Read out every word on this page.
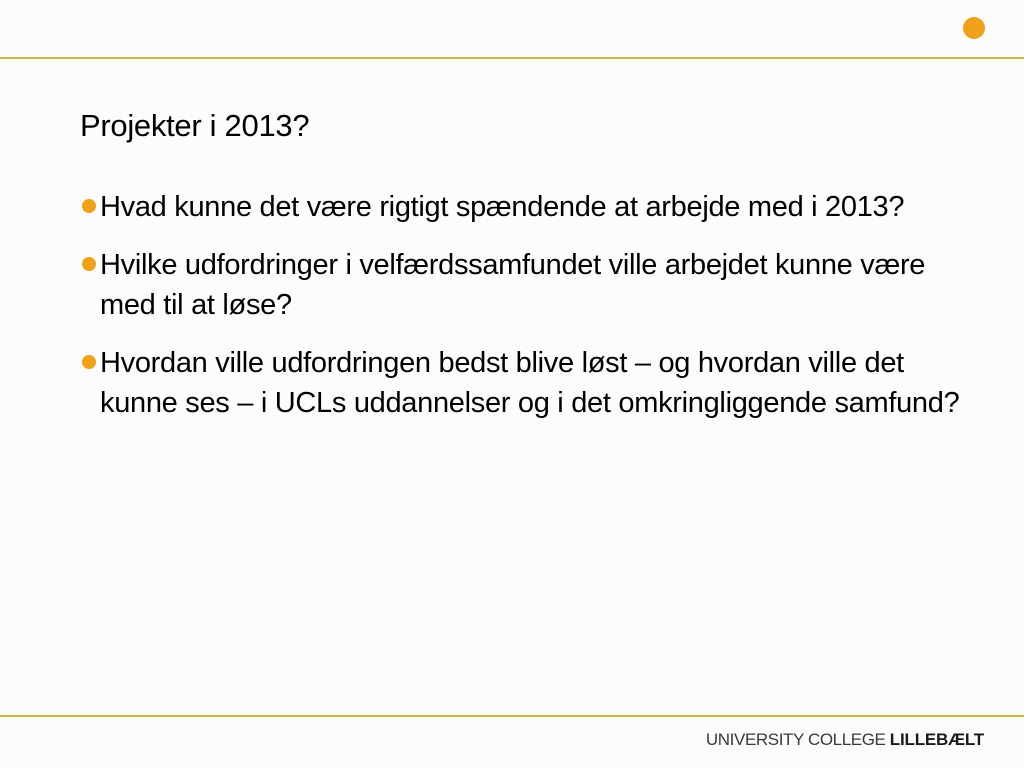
Projekter i 2013?
Hvad kunne det være rigtigt spændende at arbejde med i 2013?
Hvilke udfordringer i velfærdssamfundet ville arbejdet kunne være med til at løse?
Hvordan ville udfordringen bedst blive løst – og hvordan ville det kunne ses – i UCLs uddannelser og i det omkringliggende samfund?
UNIVERSITY COLLEGE LILLEBÆLT
